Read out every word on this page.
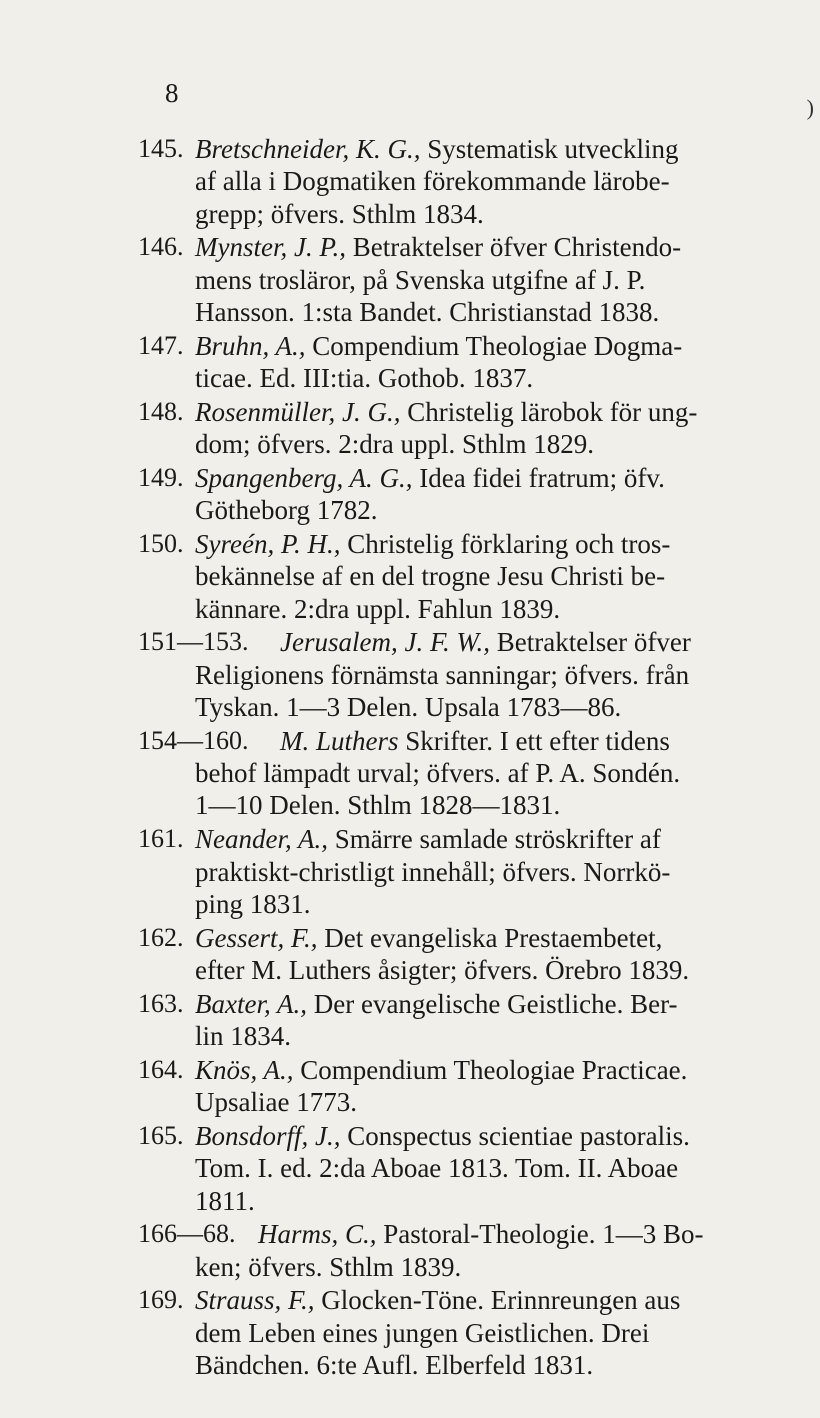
8	)
145. Bretschneider, K. G., Systematisk utveckling
af alla i Dogmatiken förekommande lärobe-
grepp; öfvers. Sthlm 1834.
146. Mynster, J. P., Betraktelser öfver Christendo-
mens trosläror, på Svenska utgifne af J. P.
Hansson. 1:sta Bandet. Christianstad 1838.
147. Bruhn, A., Compendium Theologiae Dogma-
ticae. Ed. III:tia. Gothob. 1837.
148. Rosenmüller, J. G., Christelig lärobok för ung-
dom; öfvers. 2:dra uppl. Sthlm 1829.
149. Spangenberg, A. G., Idea fidei fratrum; öfv.
Götheborg 1782.
150. Syreén, P. H., Christelig förklaring och tros-
bekännelse af en del trogne Jesu Christi be-
kännare. 2:dra uppl. Fahlun 1839.
151—153. Jerusalem, J. F. W., Betraktelser öfver
Religionens förnämsta sanningar; öfvers. från
Tyskan. 1—3 Delen. Upsala 1783—86.
154—160. M. Luthers Skrifter. I ett efter tidens
behof lämpadt urval; öfvers. af P. A. Sondén.
1—10 Delen. Sthlm 1828—1831.
161. Neander, A., Smärre samlade ströskrifter af
praktiskt-christligt innehåll; öfvers. Norrkö-
ping 1831.
162. Gessert, F., Det evangeliska Prestaembetet,
efter M. Luthers åsigter; öfvers. Örebro 1839.
163. Baxter, A., Der evangelische Geistliche. Ber-
lin 1834.
164. Knös, A., Compendium Theologiae Practicae.
Upsaliae 1773.
165. Bonsdorff, J., Conspectus scientiae pastoralis.
Tom. I. ed. 2:da Aboae 1813. Tom. II. Aboae
1811.
166—68. Harms, C., Pastoral-Theologie. 1—3 Bo-
ken; öfvers. Sthlm 1839.
169. Strauss, F., Glocken-Töne. Erinnreungen aus
dem Leben eines jungen Geistlichen. Drei
Bändchen. 6:te Aufl. Elberfeld 1831.
